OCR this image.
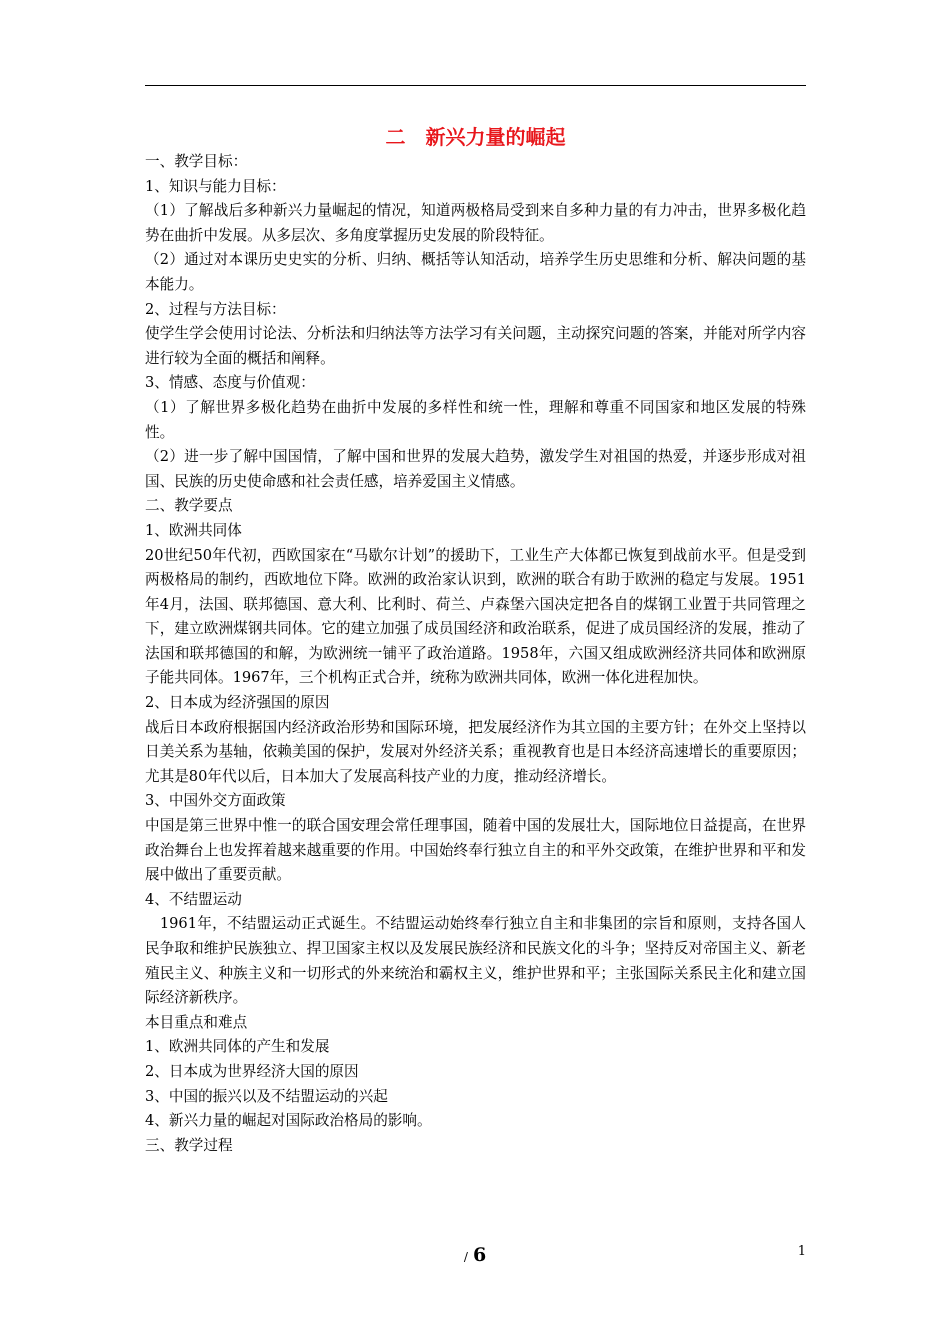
二　新兴力量的崛起

一、教学目标：

1、知识与能力目标：

（1）了解战后多种新兴力量崛起的情况，知道两极格局受到来自多种力量的有力冲击，世界多极化趋势在曲折中发展。从多层次、多角度掌握历史发展的阶段特征。

（2）通过对本课历史史实的分析、归纳、概括等认知活动，培养学生历史思维和分析、解决问题的基本能力。

2、过程与方法目标：

使学生学会使用讨论法、分析法和归纳法等方法学习有关问题，主动探究问题的答案，并能对所学内容进行较为全面的概括和阐释。

3、情感、态度与价值观：

（1）了解世界多极化趋势在曲折中发展的多样性和统一性，理解和尊重不同国家和地区发展的特殊性。

（2）进一步了解中国国情，了解中国和世界的发展大趋势，激发学生对祖国的热爱，并逐步形成对祖国、民族的历史使命感和社会责任感，培养爱国主义情感。

二、教学要点

1、欧洲共同体

20世纪50年代初，西欧国家在“马歇尔计划”的援助下，工业生产大体都已恢复到战前水平。但是受到两极格局的制约，西欧地位下降。欧洲的政治家认识到，欧洲的联合有助于欧洲的稳定与发展。1951年4月，法国、联邦德国、意大利、比利时、荷兰、卢森堡六国决定把各自的煤钢工业置于共同管理之下，建立欧洲煤钢共同体。它的建立加强了成员国经济和政治联系，促进了成员国经济的发展，推动了法国和联邦德国的和解，为欧洲统一铺平了政治道路。1958年，六国又组成欧洲经济共同体和欧洲原子能共同体。1967年，三个机构正式合并，统称为欧洲共同体，欧洲一体化进程加快。

2、日本成为经济强国的原因

战后日本政府根据国内经济政治形势和国际环境，把发展经济作为其立国的主要方针；在外交上坚持以日美关系为基轴，依赖美国的保护，发展对外经济关系；重视教育也是日本经济高速增长的重要原因；尤其是80年代以后，日本加大了发展高科技产业的力度，推动经济增长。

3、中国外交方面政策

中国是第三世界中惟一的联合国安理会常任理事国，随着中国的发展壮大，国际地位日益提高，在世界政治舞台上也发挥着越来越重要的作用。中国始终奉行独立自主的和平外交政策，在维护世界和平和发展中做出了重要贡献。

4、不结盟运动

　1961年，不结盟运动正式诞生。不结盟运动始终奉行独立自主和非集团的宗旨和原则，支持各国人民争取和维护民族独立、捍卫国家主权以及发展民族经济和民族文化的斗争；坚持反对帝国主义、新老殖民主义、种族主义和一切形式的外来统治和霸权主义，维护世界和平；主张国际关系民主化和建立国际经济新秩序。

本目重点和难点

1、欧洲共同体的产生和发展

2、日本成为世界经济大国的原因

3、中国的振兴以及不结盟运动的兴起

4、新兴力量的崛起对国际政治格局的影响。

三、教学过程

/ 6	1
